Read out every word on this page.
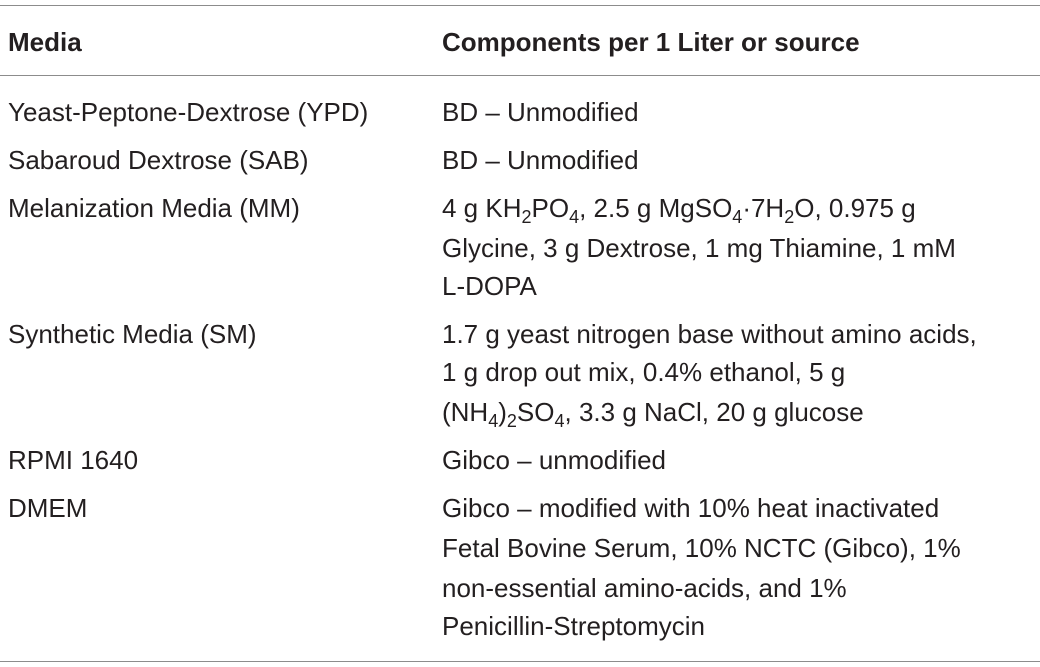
Media	Components per 1 Liter or source
Yeast-Peptone-Dextrose (YPD)	BD – Unmodified
Sabaroud Dextrose (SAB)	BD – Unmodified
Melanization Media (MM)	4 g $KH_2PO_4$, 2.5 g $MgSO_4\cdot 7H_2O$, 0.975 g
Glycine, 3 g Dextrose, 1 mg Thiamine, 1 mM
L-DOPA
Synthetic Media (SM)	1.7 g yeast nitrogen base without amino acids,
1 g drop out mix, 0.4% ethanol, 5 g
$(NH_4)_2SO_4$, 3.3 g NaCl, 20 g glucose
RPMI 1640	Gibco – unmodified
DMEM	Gibco – modified with 10% heat inactivated
Fetal Bovine Serum, 10% NCTC (Gibco), 1%
non-essential amino-acids, and 1%
Penicillin-Streptomycin
